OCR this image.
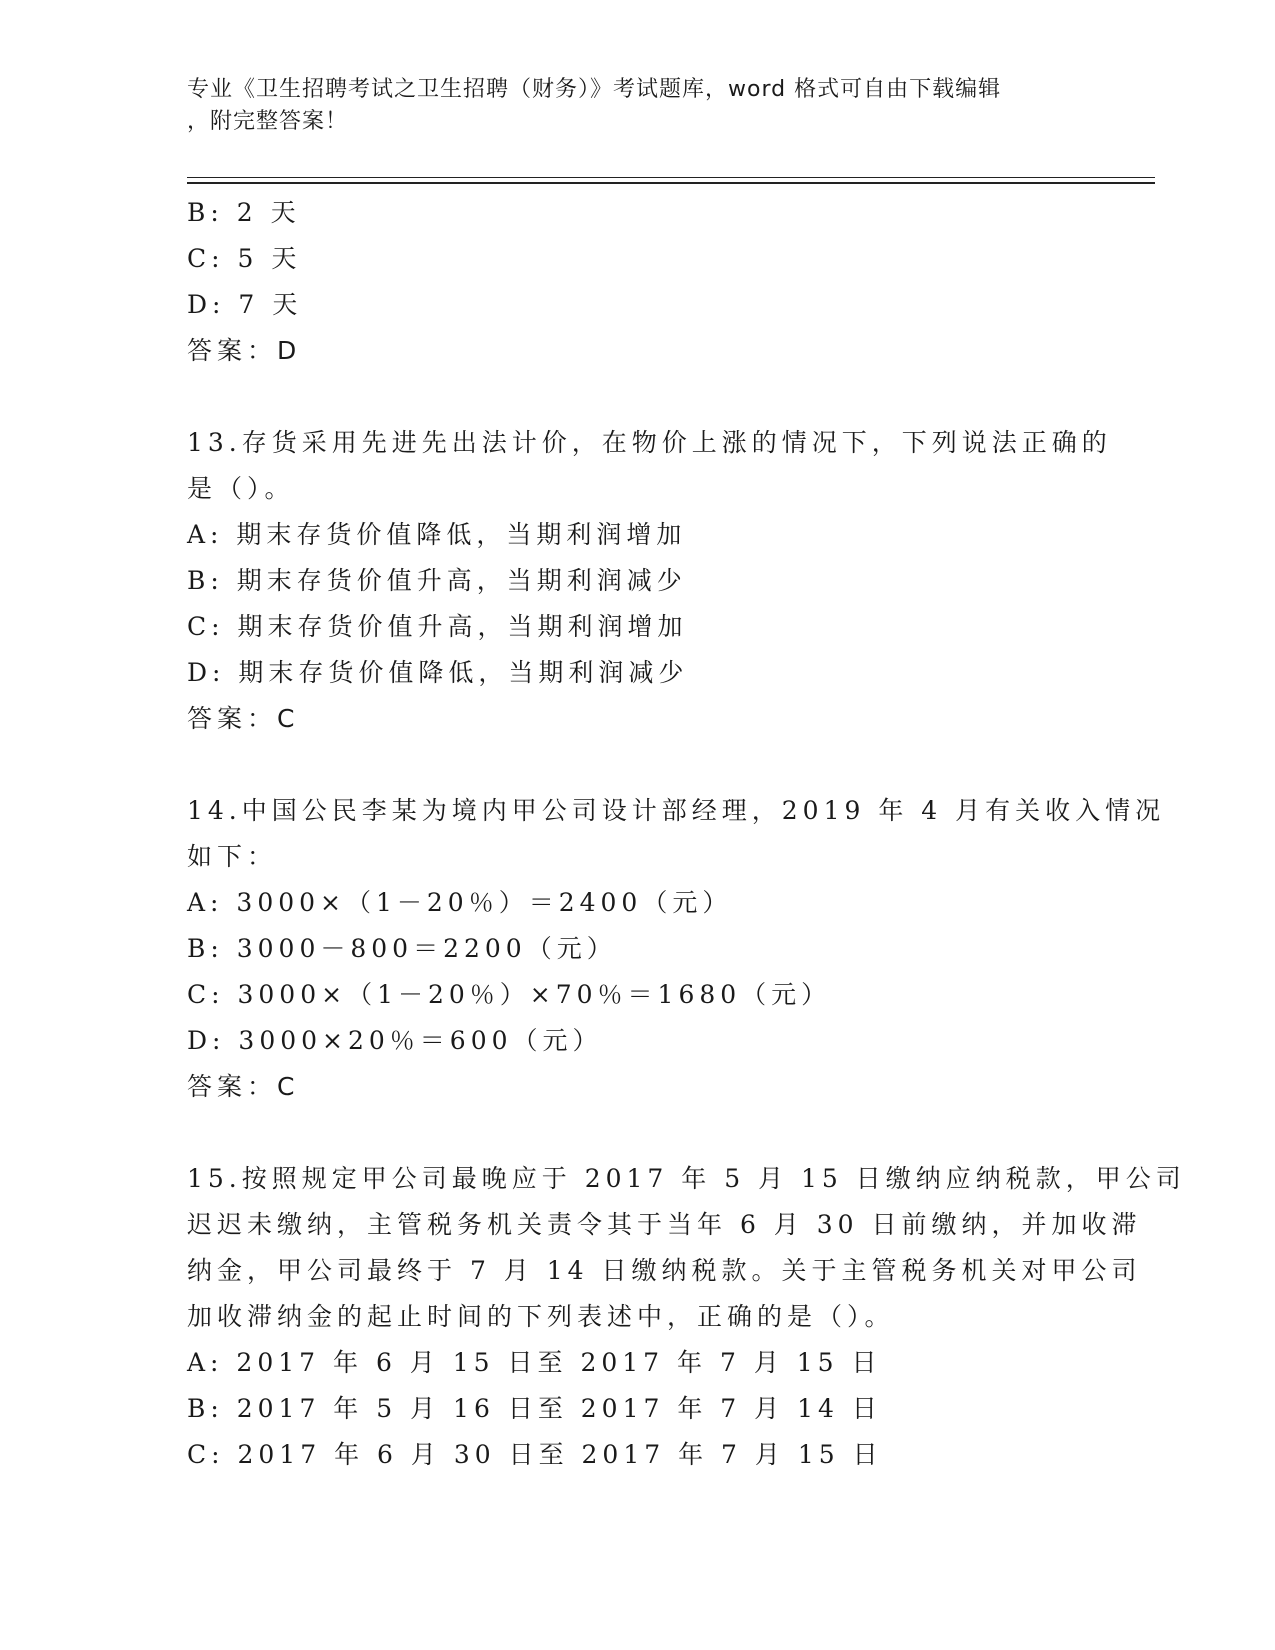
专业《卫生招聘考试之卫生招聘（财务）》考试题库，word 格式可自由下载编辑
，附完整答案！
B: 2 天
C: 5 天
D: 7 天
答案：D
13.存货采用先进先出法计价，在物价上涨的情况下，下列说法正确的
是（）。
A: 期末存货价值降低，当期利润增加
B: 期末存货价值升高，当期利润减少
C: 期末存货价值升高，当期利润增加
D: 期末存货价值降低，当期利润减少
答案：C
14.中国公民李某为境内甲公司设计部经理，2019 年 4 月有关收入情况
如下：
A: 3000×（1－20％）＝2400（元）
B: 3000－800＝2200（元）
C: 3000×（1－20％）×70％＝1680（元）
D: 3000×20％＝600（元）
答案：C
15.按照规定甲公司最晚应于 2017 年 5 月 15 日缴纳应纳税款，甲公司
迟迟未缴纳，主管税务机关责令其于当年 6 月 30 日前缴纳，并加收滞
纳金，甲公司最终于 7 月 14 日缴纳税款。关于主管税务机关对甲公司
加收滞纳金的起止时间的下列表述中，正确的是（）。
A: 2017 年 6 月 15 日至 2017 年 7 月 15 日
B: 2017 年 5 月 16 日至 2017 年 7 月 14 日
C: 2017 年 6 月 30 日至 2017 年 7 月 15 日
